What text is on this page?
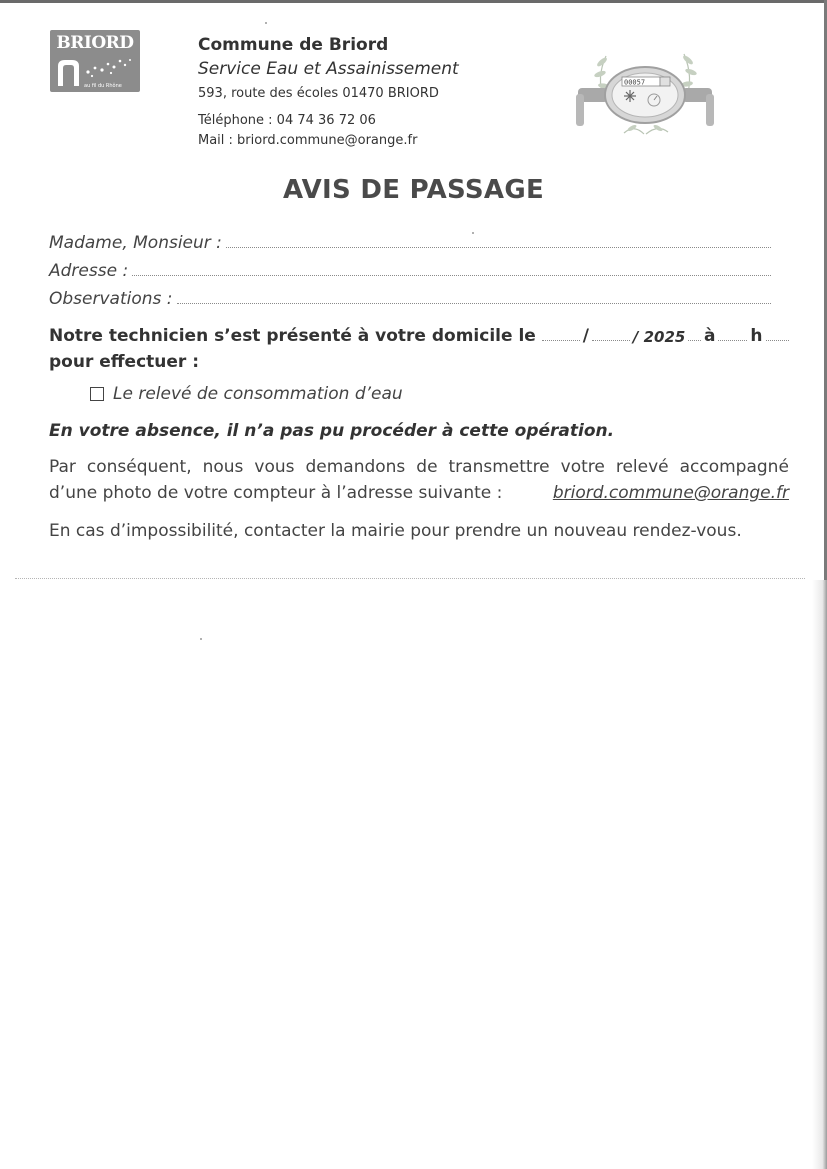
BRIORD
au fil du Rhône
Commune de Briord
Service Eau et Assainissement
593, route des écoles 01470 BRIORD
Téléphone : 04 74 36 72 06
Mail : briord.commune@orange.fr
00057
AVIS DE PASSAGE
Madame, Monsieur :
Adresse :
Observations :
Notre technicien s’est présenté à votre domicile le	/	/ 2025 à h
pour effectuer :
Le relevé de consommation d’eau
En votre absence, il n’a pas pu procéder à cette opération.
Par conséquent, nous vous demandons de transmettre votre relevé accompagné
d’une photo de votre compteur à l’adresse suivante :	briord.commune@orange.fr
En cas d’impossibilité, contacter la mairie pour prendre un nouveau rendez-vous.
